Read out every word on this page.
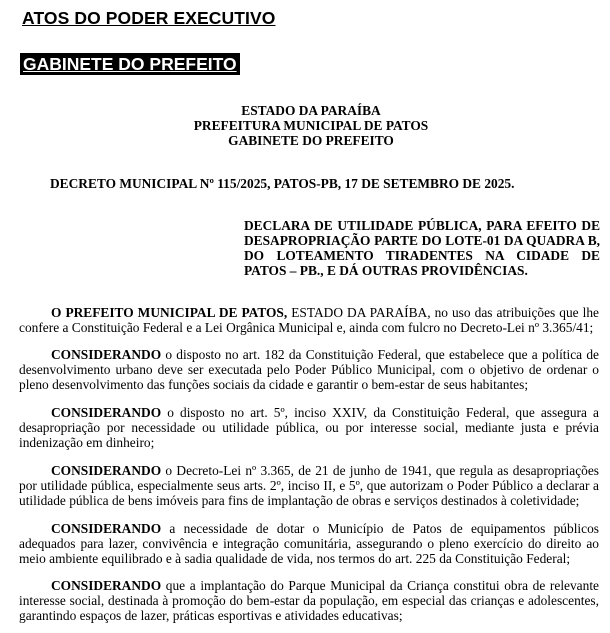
ATOS DO PODER EXECUTIVO
GABINETE DO PREFEITO
ESTADO DA PARAÍBA
PREFEITURA MUNICIPAL DE PATOS
GABINETE DO PREFEITO
DECRETO MUNICIPAL Nº 115/2025, PATOS-PB, 17 DE SETEMBRO DE 2025.
DECLARA DE UTILIDADE PÚBLICA, PARA EFEITO DE DESAPROPRIAÇÃO PARTE DO LOTE-01 DA QUADRA B, DO LOTEAMENTO TIRADENTES NA CIDADE DE PATOS – PB., E DÁ OUTRAS PROVIDÊNCIAS.
O PREFEITO MUNICIPAL DE PATOS, ESTADO DA PARAÍBA, no uso das atribuições que lhe confere a Constituição Federal e a Lei Orgânica Municipal e, ainda com fulcro no Decreto-Lei nº 3.365/41;
CONSIDERANDO o disposto no art. 182 da Constituição Federal, que estabelece que a política de desenvolvimento urbano deve ser executada pelo Poder Público Municipal, com o objetivo de ordenar o pleno desenvolvimento das funções sociais da cidade e garantir o bem-estar de seus habitantes;
CONSIDERANDO o disposto no art. 5º, inciso XXIV, da Constituição Federal, que assegura a desapropriação por necessidade ou utilidade pública, ou por interesse social, mediante justa e prévia indenização em dinheiro;
CONSIDERANDO o Decreto-Lei nº 3.365, de 21 de junho de 1941, que regula as desapropriações por utilidade pública, especialmente seus arts. 2º, inciso II, e 5º, que autorizam o Poder Público a declarar a utilidade pública de bens imóveis para fins de implantação de obras e serviços destinados à coletividade;
CONSIDERANDO a necessidade de dotar o Município de Patos de equipamentos públicos adequados para lazer, convivência e integração comunitária, assegurando o pleno exercício do direito ao meio ambiente equilibrado e à sadia qualidade de vida, nos termos do art. 225 da Constituição Federal;
CONSIDERANDO que a implantação do Parque Municipal da Criança constitui obra de relevante interesse social, destinada à promoção do bem-estar da população, em especial das crianças e adolescentes, garantindo espaços de lazer, práticas esportivas e atividades educativas;
